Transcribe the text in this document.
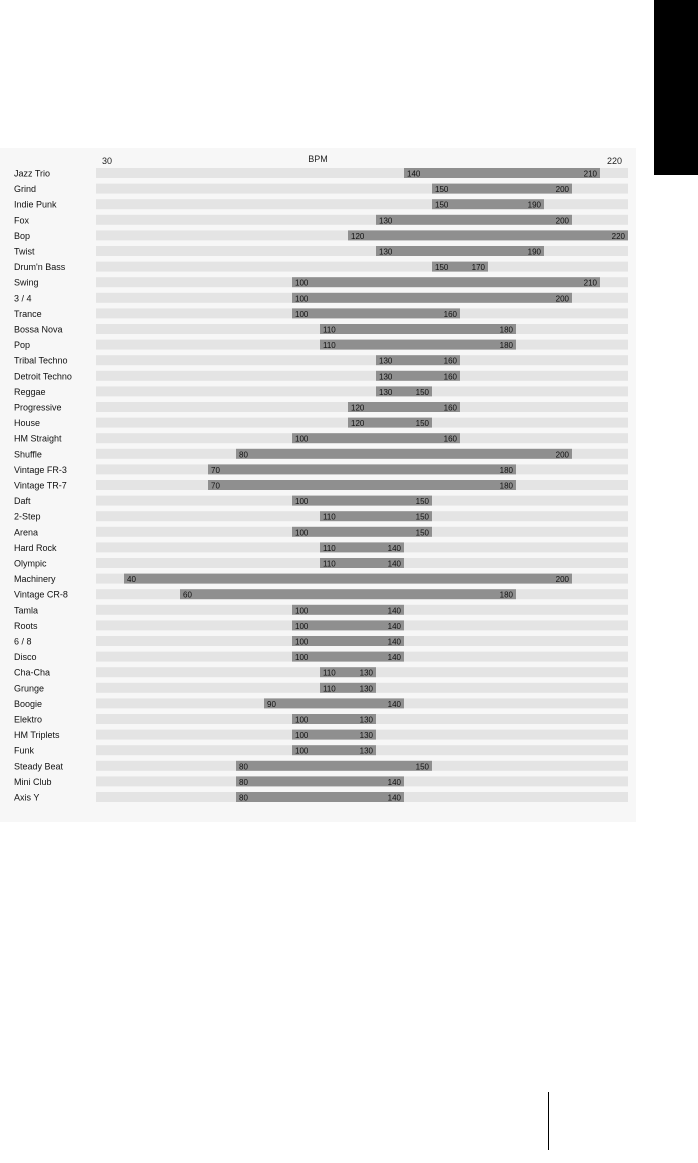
30	BPM	220
Jazz Trio	140	210
Grind	150	200
Indie Punk	150	190
Fox	130	200
Bop	120	220
Twist	130	190
Drum'n Bass	150	170
Swing	100	210
3 / 4	100	200
Trance	100	160
Bossa Nova	110	180
Pop	110	180
Tribal Techno	130	160
Detroit Techno	130	160
Reggae	130	150
Progressive	120	160
House	120	150
HM Straight	100	160
Shuffle	80	200
Vintage FR-3	70	180
Vintage TR-7	70	180
Daft	100	150
2-Step	110	150
Arena	100	150
Hard Rock	110	140
Olympic	110	140
Machinery	40	200
Vintage CR-8	60	180
Tamla	100	140
Roots	100	140
6 / 8	100	140
Disco	100	140
Cha-Cha	110	130
Grunge	110	130
Boogie	90	140
Elektro	100	130
HM Triplets	100	130
Funk	100	130
Steady Beat	80	150
Mini Club	80	140
Axis Y	80	140
